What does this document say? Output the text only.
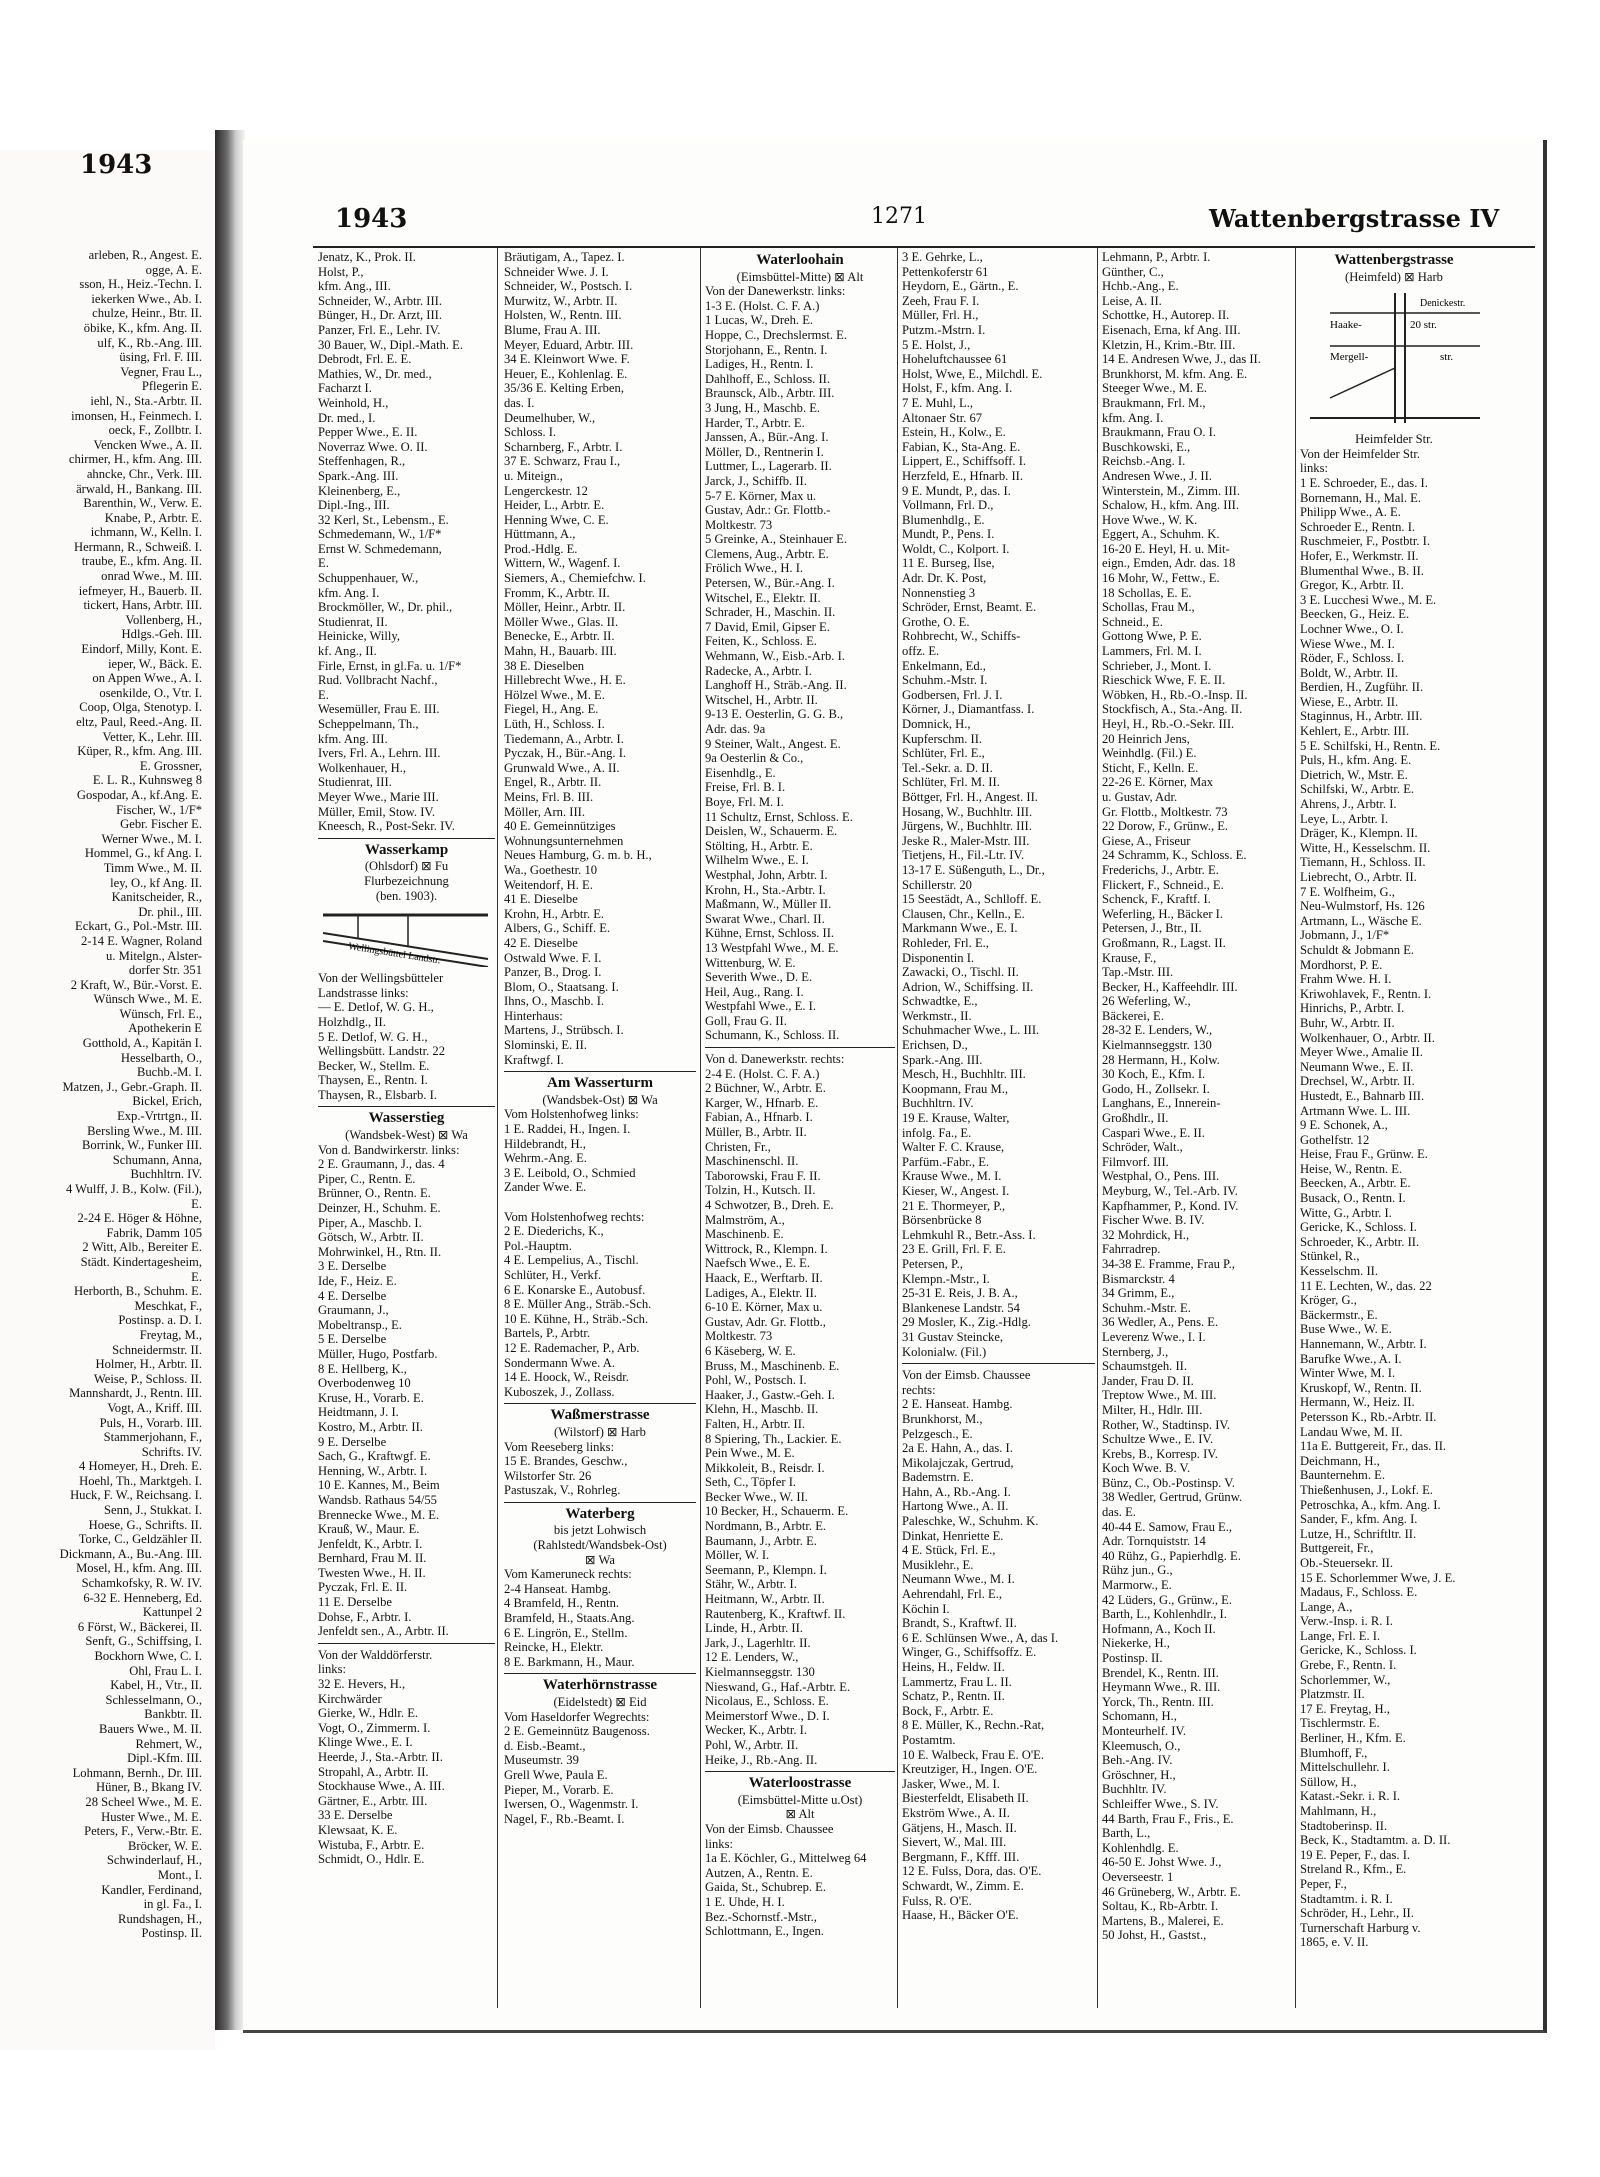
1943
arleben, R., Angest. E.
ogge, A. E.
sson, H., Heiz.-Techn. I.
iekerken Wwe., Ab. I.
chulze, Heinr., Btr. II.
öbike, K., kfm. Ang. II.
ulf, K., Rb.-Ang. III.
üsing, Frl. F. III.
Vegner, Frau L.,
Pflegerin E.
iehl, N., Sta.-Arbtr. II.
imonsen, H., Feinmech. I.
oeck, F., Zollbtr. I.
Vencken Wwe., A. II.
chirmer, H., kfm. Ang. III.
ahncke, Chr., Verk. III.
ärwald, H., Bankang. III.
Barenthin, W., Verw. E.
Knabe, P., Arbtr. E.
ichmann, W., Kelln. I.
Hermann, R., Schweiß. I.
traube, E., kfm. Ang. II.
onrad Wwe., M. III.
iefmeyer, H., Bauerb. II.
tickert, Hans, Arbtr. III.
Vollenberg, H.,
Hdlgs.-Geh. III.
Eindorf, Milly, Kont. E.
ieper, W., Bäck. E.
on Appen Wwe., A. I.
osenkilde, O., Vtr. I.
Coop, Olga, Stenotyp. I.
eltz, Paul, Reed.-Ang. II.
Vetter, K., Lehr. III.
Küper, R., kfm. Ang. III.
E. Grossner,
E. L. R., Kuhnsweg 8
Gospodar, A., kf.Ang. E.
Fischer, W., 1/F*
Gebr. Fischer E.
Werner Wwe., M. I.
Hommel, G., kf Ang. I.
Timm Wwe., M. II.
ley, O., kf Ang. II.
Kanitscheider, R.,
Dr. phil., III.
Eckart, G., Pol.-Mstr. III.
2-14 E. Wagner, Roland
u. Mitelgn., Alster-
dorfer Str. 351
2 Kraft, W., Bür.-Vorst. E.
Wünsch Wwe., M. E.
Wünsch, Frl. E.,
Apothekerin E
Gotthold, A., Kapitän I.
Hesselbarth, O.,
Buchb.-M. I.
Matzen, J., Gebr.-Graph. II.
Bickel, Erich,
Exp.-Vrtrtgn., II.
Bersling Wwe., M. III.
Borrink, W., Funker III.
Schumann, Anna,
Buchhltrn. IV.
4 Wulff, J. B., Kolw. (Fil.),
E.
2-24 E. Höger & Höhne,
Fabrik, Damm 105
2 Witt, Alb., Bereiter E.
Städt. Kindertagesheim,
E.
Herborth, B., Schuhm. E.
Meschkat, F.,
Postinsp. a. D. I.
Freytag, M.,
Schneidermstr. II.
Holmer, H., Arbtr. II.
Weise, P., Schloss. II.
Mannshardt, J., Rentn. III.
Vogt, A., Kriff. III.
Puls, H., Vorarb. III.
Stammerjohann, F.,
Schrifts. IV.
4 Homeyer, H., Dreh. E.
Hoehl, Th., Marktgeh. I.
Huck, F. W., Reichsang. I.
Senn, J., Stukkat. I.
Hoese, G., Schrifts. II.
Torke, C., Geldzähler II.
Dickmann, A., Bu.-Ang. III.
Mosel, H., kfm. Ang. III.
Schamkofsky, R. W. IV.
6-32 E. Henneberg, Ed.
Kattunpel 2
6 Först, W., Bäckerei, II.
Senft, G., Schiffsing, I.
Bockhorn Wwe, C. I.
Ohl, Frau L. I.
Kabel, H., Vtr., II.
Schlesselmann, O.,
Bankbtr. II.
Bauers Wwe., M. II.
Rehmert, W.,
Dipl.-Kfm. III.
Lohmann, Bernh., Dr. III.
Hüner, B., Bkang IV.
28 Scheel Wwe., M. E.
Huster Wwe., M. E.
Peters, F., Verw.-Btr. E.
Bröcker, W. E.
Schwinderlauf, H.,
Mont., I.
Kandler, Ferdinand,
in gl. Fa., I.
Rundshagen, H.,
Postinsp. II.
1943	1271	Wattenbergstrasse IV
Jenatz, K., Prok. II.
Holst, P.,
kfm. Ang., III.
Schneider, W., Arbtr. III.
Bünger, H., Dr. Arzt, III.
Panzer, Frl. E., Lehr. IV.
30 Bauer, W., Dipl.-Math. E.
Debrodt, Frl. E. E.
Mathies, W., Dr. med.,
Facharzt I.
Weinhold, H.,
Dr. med., I.
Pepper Wwe., E. II.
Noverraz Wwe. O. II.
Steffenhagen, R.,
Spark.-Ang. III.
Kleinenberg, E.,
Dipl.-Ing., III.
32 Kerl, St., Lebensm., E.
Schmedemann, W., 1/F*
Ernst W. Schmedemann,
E.
Schuppenhauer, W.,
kfm. Ang. I.
Brockmöller, W., Dr. phil.,
Studienrat, II.
Heinicke, Willy,
kf. Ang., II.
Firle, Ernst, in gl.Fa. u. 1/F*
Rud. Vollbracht Nachf.,
E.
Wesemüller, Frau E. III.
Scheppelmann, Th.,
kfm. Ang. III.
Ivers, Frl. A., Lehrn. III.
Wolkenhauer, H.,
Studienrat, III.
Meyer Wwe., Marie III.
Müller, Emil, Stow. IV.
Kneesch, R., Post-Sekr. IV.
Wasserkamp
(Ohlsdorf) ⊠ Fu
Flurbezeichnung
(ben. 1903).
Wellingsbüttel Landstr.
Von der Wellingsbütteler
Landstrasse links:
— E. Detlof, W. G. H.,
Holzhdlg., II.
5 E. Detlof, W. G. H.,
Wellingsbütt. Landstr. 22
Becker, W., Stellm. E.
Thaysen, E., Rentn. I.
Thaysen, R., Elsbarb. I.
Wasserstieg
(Wandsbek-West) ⊠ Wa
Von d. Bandwirkerstr. links:
2 E. Graumann, J., das. 4
Piper, C., Rentn. E.
Brünner, O., Rentn. E.
Deinzer, H., Schuhm. E.
Piper, A., Maschb. I.
Götsch, W., Arbtr. II.
Mohrwinkel, H., Rtn. II.
3 E. Derselbe
Ide, F., Heiz. E.
4 E. Derselbe
Graumann, J.,
Mobeltransp., E.
5 E. Derselbe
Müller, Hugo, Postfarb.
8 E. Hellberg, K.,
Overbodenweg 10
Kruse, H., Vorarb. E.
Heidtmann, J. I.
Kostro, M., Arbtr. II.
9 E. Derselbe
Sach, G., Kraftwgf. E.
Henning, W., Arbtr. I.
10 E. Kannes, M., Beim
Wandsb. Rathaus 54/55
Brennecke Wwe., M. E.
Krauß, W., Maur. E.
Jenfeldt, K., Arbtr. I.
Bernhard, Frau M. II.
Twesten Wwe., H. II.
Pyczak, Frl. E. II.
11 E. Derselbe
Dohse, F., Arbtr. I.
Jenfeldt sen., A., Arbtr. II.
Von der Walddörferstr.
links:
32 E. Hevers, H.,
Kirchwärder
Gierke, W., Hdlr. E.
Vogt, O., Zimmerm. I.
Klinge Wwe., E. I.
Heerde, J., Sta.-Arbtr. II.
Stropahl, A., Arbtr. II.
Stockhause Wwe., A. III.
Gärtner, E., Arbtr. III.
33 E. Derselbe
Klewsaat, K. E.
Wistuba, F., Arbtr. E.
Schmidt, O., Hdlr. E.
Bräutigam, A., Tapez. I.
Schneider Wwe. J. I.
Schneider, W., Postsch. I.
Murwitz, W., Arbtr. II.
Holsten, W., Rentn. III.
Blume, Frau A. III.
Meyer, Eduard, Arbtr. III.
34 E. Kleinwort Wwe. F.
Heuer, E., Kohlenlag. E.
35/36 E. Kelting Erben,
das. I.
Deumelhuber, W.,
Schloss. I.
Scharnberg, F., Arbtr. I.
37 E. Schwarz, Frau I.,
u. Miteign.,
Lengerckestr. 12
Heider, L., Arbtr. E.
Henning Wwe, C. E.
Hüttmann, A.,
Prod.-Hdlg. E.
Wittern, W., Wagenf. I.
Siemers, A., Chemiefchw. I.
Fromm, K., Arbtr. II.
Möller, Heinr., Arbtr. II.
Möller Wwe., Glas. II.
Benecke, E., Arbtr. II.
Mahn, H., Bauarb. III.
38 E. Dieselben
Hillebrecht Wwe., H. E.
Hölzel Wwe., M. E.
Fiegel, H., Ang. E.
Lüth, H., Schloss. I.
Tiedemann, A., Arbtr. I.
Pyczak, H., Bür.-Ang. I.
Grunwald Wwe., A. II.
Engel, R., Arbtr. II.
Meins, Frl. B. III.
Möller, Arn. III.
40 E. Gemeinnütziges
Wohnungsunternehmen
Neues Hamburg, G. m. b. H.,
Wa., Goethestr. 10
Weitendorf, H. E.
41 E. Dieselbe
Krohn, H., Arbtr. E.
Albers, G., Schiff. E.
42 E. Dieselbe
Ostwald Wwe. F. I.
Panzer, B., Drog. I.
Blom, O., Staatsang. I.
Ihns, O., Maschb. I.
Hinterhaus:
Martens, J., Strübsch. I.
Slominski, E. II.
Kraftwgf. I.
Am Wasserturm
(Wandsbek-Ost) ⊠ Wa
Vom Holstenhofweg links:
1 E. Raddei, H., Ingen. I.
Hildebrandt, H.,
Wehrm.-Ang. E.
3 E. Leibold, O., Schmied
Zander Wwe. E.

Vom Holstenhofweg rechts:
2 E. Diederichs, K.,
Pol.-Hauptm.
4 E. Lempelius, A., Tischl.
Schlüter, H., Verkf.
6 E. Konarske E., Autobusf.
8 E. Müller Ang., Sträb.-Sch.
10 E. Kühne, H., Sträb.-Sch.
Bartels, P., Arbtr.
12 E. Rademacher, P., Arb.
Sondermann Wwe. A.
14 E. Hoock, W., Reisdr.
Kuboszek, J., Zollass.
Waßmerstrasse
(Wilstorf) ⊠ Harb
Vom Reeseberg links:
15 E. Brandes, Geschw.,
Wilstorfer Str. 26
Pastuszak, V., Rohrleg.
Waterberg
bis jetzt Lohwisch
(Rahlstedt/Wandsbek-Ost)
⊠ Wa
Vom Kameruneck rechts:
2-4 Hanseat. Hambg.
4 Bramfeld, H., Rentn.
Bramfeld, H., Staats.Ang.
6 E. Lingrön, E., Stellm.
Reincke, H., Elektr.
8 E. Barkmann, H., Maur.
Waterhörnstrasse
(Eidelstedt) ⊠ Eid
Vom Haseldorfer Wegrechts:
2 E. Gemeinnütz Baugenoss.
d. Eisb.-Beamt.,
Museumstr. 39
Grell Wwe, Paula E.
Pieper, M., Vorarb. E.
Iwersen, O., Wagenmstr. I.
Nagel, F., Rb.-Beamt. I.
Waterloohain
(Eimsbüttel-Mitte) ⊠ Alt
Von der Danewerkstr. links:
1-3 E. (Holst. C. F. A.)
1 Lucas, W., Dreh. E.
Hoppe, C., Drechslermst. E.
Storjohann, E., Rentn. I.
Ladiges, H., Rentn. I.
Dahlhoff, E., Schloss. II.
Braunsck, Alb., Arbtr. III.
3 Jung, H., Maschb. E.
Harder, T., Arbtr. E.
Janssen, A., Bür.-Ang. I.
Möller, D., Rentnerin I.
Luttmer, L., Lagerarb. II.
Jarck, J., Schiffb. II.
5-7 E. Körner, Max u.
Gustav, Adr.: Gr. Flottb.-
Moltkestr. 73
5 Greinke, A., Steinhauer E.
Clemens, Aug., Arbtr. E.
Frölich Wwe., H. I.
Petersen, W., Bür.-Ang. I.
Witschel, E., Elektr. II.
Schrader, H., Maschin. II.
7 David, Emil, Gipser E.
Feiten, K., Schloss. E.
Wehmann, W., Eisb.-Arb. I.
Radecke, A., Arbtr. I.
Langhoff H., Sträb.-Ang. II.
Witschel, H., Arbtr. II.
9-13 E. Oesterlin, G. G. B.,
Adr. das. 9a
9 Steiner, Walt., Angest. E.
9a Oesterlin & Co.,
Eisenhdlg., E.
Freise, Frl. B. I.
Boye, Frl. M. I.
11 Schultz, Ernst, Schloss. E.
Deislen, W., Schauerm. E.
Stölting, H., Arbtr. E.
Wilhelm Wwe., E. I.
Westphal, John, Arbtr. I.
Krohn, H., Sta.-Arbtr. I.
Maßmann, W., Müller II.
Swarat Wwe., Charl. II.
Kühne, Ernst, Schloss. II.
13 Westpfahl Wwe., M. E.
Wittenburg, W. E.
Severith Wwe., D. E.
Heil, Aug., Rang. I.
Westpfahl Wwe., E. I.
Goll, Frau G. II.
Schumann, K., Schloss. II.
Von d. Danewerkstr. rechts:
2-4 E. (Holst. C. F. A.)
2 Büchner, W., Arbtr. E.
Karger, W., Hfnarb. E.
Fabian, A., Hfnarb. I.
Müller, B., Arbtr. II.
Christen, Fr.,
Maschinenschl. II.
Taborowski, Frau F. II.
Tolzin, H., Kutsch. II.
4 Schwotzer, B., Dreh. E.
Malmström, A.,
Maschinenb. E.
Wittrock, R., Klempn. I.
Naefsch Wwe., E. E.
Haack, E., Werftarb. II.
Ladiges, A., Elektr. II.
6-10 E. Körner, Max u.
Gustav, Adr. Gr. Flottb.,
Moltkestr. 73
6 Käseberg, W. E.
Bruss, M., Maschinenb. E.
Pohl, W., Postsch. I.
Haaker, J., Gastw.-Geh. I.
Klehn, H., Maschb. II.
Falten, H., Arbtr. II.
8 Spiering, Th., Lackier. E.
Pein Wwe., M. E.
Mikkoleit, B., Reisdr. I.
Seth, C., Töpfer I.
Becker Wwe., W. II.
10 Becker, H., Schauerm. E.
Nordmann, B., Arbtr. E.
Baumann, J., Arbtr. E.
Möller, W. I.
Seemann, P., Klempn. I.
Stähr, W., Arbtr. I.
Heitmann, W., Arbtr. II.
Rautenberg, K., Kraftwf. II.
Linde, H., Arbtr. II.
Jark, J., Lagerhltr. II.
12 E. Lenders, W.,
Kielmannseggstr. 130
Nieswand, G., Haf.-Arbtr. E.
Nicolaus, E., Schloss. E.
Meimerstorf Wwe., D. I.
Wecker, K., Arbtr. I.
Pohl, W., Arbtr. II.
Heike, J., Rb.-Ang. II.
Waterloostrasse
(Eimsbüttel-Mitte u.Ost)
⊠ Alt
Von der Eimsb. Chaussee
links:
1a E. Köchler, G., Mittelweg 64
Autzen, A., Rentn. E.
Gaida, St., Schubrep. E.
1 E. Uhde, H. I.
Bez.-Schornstf.-Mstr.,
Schlottmann, E., Ingen.
3 E. Gehrke, L.,
Pettenkoferstr 61
Heydorn, E., Gärtn., E.
Zeeh, Frau F. I.
Müller, Frl. H.,
Putzm.-Mstrn. I.
5 E. Holst, J.,
Hoheluftchaussee 61
Holst, Wwe, E., Milchdl. E.
Holst, F., kfm. Ang. I.
7 E. Muhl, L.,
Altonaer Str. 67
Estein, H., Kolw., E.
Fabian, K., Sta-Ang. E.
Lippert, E., Schiffsoff. I.
Herzfeld, E., Hfnarb. II.
9 E. Mundt, P., das. I.
Vollmann, Frl. D.,
Blumenhdlg., E.
Mundt, P., Pens. I.
Woldt, C., Kolport. I.
11 E. Burseg, Ilse,
Adr. Dr. K. Post,
Nonnenstieg 3
Schröder, Ernst, Beamt. E.
Grothe, O. E.
Rohbrecht, W., Schiffs-
offz. E.
Enkelmann, Ed.,
Schuhm.-Mstr. I.
Godbersen, Frl. J. I.
Körner, J., Diamantfass. I.
Domnick, H.,
Kupferschm. II.
Schlüter, Frl. E.,
Tel.-Sekr. a. D. II.
Schlüter, Frl. M. II.
Böttger, Frl. H., Angest. II.
Hosang, W., Buchhltr. III.
Jürgens, W., Buchhltr. III.
Jeske R., Maler-Mstr. III.
Tietjens, H., Fil.-Ltr. IV.
13-17 E. Süßenguth, L., Dr.,
Schillerstr. 20
15 Seestädt, A., Schlloff. E.
Clausen, Chr., Kelln., E.
Markmann Wwe., E. I.
Rohleder, Frl. E.,
Disponentin I.
Zawacki, O., Tischl. II.
Adrion, W., Schiffsing. II.
Schwadtke, E.,
Werkmstr., II.
Schuhmacher Wwe., L. III.
Erichsen, D.,
Spark.-Ang. III.
Mesch, H., Buchhltr. III.
Koopmann, Frau M.,
Buchhltrn. IV.
19 E. Krause, Walter,
infolg. Fa., E.
Walter F. C. Krause,
Parfüm.-Fabr., E.
Krause Wwe., M. I.
Kieser, W., Angest. I.
21 E. Thormeyer, P.,
Börsenbrücke 8
Lehmkuhl R., Betr.-Ass. I.
23 E. Grill, Frl. F. E.
Petersen, P.,
Klempn.-Mstr., I.
25-31 E. Reis, J. B. A.,
Blankenese Landstr. 54
29 Mosler, K., Zig.-Hdlg.
31 Gustav Steincke,
Kolonialw. (Fil.)
Von der Eimsb. Chaussee
rechts:
2 E. Hanseat. Hambg.
Brunkhorst, M.,
Pelzgesch., E.
2a E. Hahn, A., das. I.
Mikolajczak, Gertrud,
Bademstrn. E.
Hahn, A., Rb.-Ang. I.
Hartong Wwe., A. II.
Paleschke, W., Schuhm. K.
Dinkat, Henriette E.
4 E. Stück, Frl. E.,
Musiklehr., E.
Neumann Wwe., M. I.
Aehrendahl, Frl. E.,
Köchin I.
Brandt, S., Kraftwf. II.
6 E. Schlünsen Wwe., A, das I.
Winger, G., Schiffsoffz. E.
Heins, H., Feldw. II.
Lammertz, Frau L. II.
Schatz, P., Rentn. II.
Bock, F., Arbtr. E.
8 E. Müller, K., Rechn.-Rat,
Postamtm.
10 E. Walbeck, Frau E. O'E.
Kreutziger, H., Ingen. O'E.
Jasker, Wwe., M. I.
Biesterfeldt, Elisabeth II.
Ekström Wwe., A. II.
Gätjens, H., Masch. II.
Sievert, W., Mal. III.
Bergmann, F., Kfff. III.
12 E. Fulss, Dora, das. O'E.
Schwardt, W., Zimm. E.
Fulss, R. O'E.
Haase, H., Bäcker O'E.
Lehmann, P., Arbtr. I.
Günther, C.,
Hchb.-Ang., E.
Leise, A. II.
Schottke, H., Autorep. II.
Eisenach, Erna, kf Ang. III.
Kletzin, H., Krim.-Btr. III.
14 E. Andresen Wwe, J., das II.
Brunkhorst, M. kfm. Ang. E.
Steeger Wwe., M. E.
Braukmann, Frl. M.,
kfm. Ang. I.
Braukmann, Frau O. I.
Buschkowski, E.,
Reichsb.-Ang. I.
Andresen Wwe., J. II.
Winterstein, M., Zimm. III.
Schalow, H., kfm. Ang. III.
Hove Wwe., W. K.
Eggert, A., Schuhm. K.
16-20 E. Heyl, H. u. Mit-
eign., Emden, Adr. das. 18
16 Mohr, W., Fettw., E.
18 Schollas, E. E.
Schollas, Frau M.,
Schneid., E.
Gottong Wwe, P. E.
Lammers, Frl. M. I.
Schrieber, J., Mont. I.
Rieschick Wwe, F. E. II.
Wöbken, H., Rb.-O.-Insp. II.
Stockfisch, A., Sta.-Ang. II.
Heyl, H., Rb.-O.-Sekr. III.
20 Heinrich Jens,
Weinhdlg. (Fil.) E.
Sticht, F., Kelln. E.
22-26 E. Körner, Max
u. Gustav, Adr.
Gr. Flottb., Moltkestr. 73
22 Dorow, F., Grünw., E.
Giese, A., Friseur
24 Schramm, K., Schloss. E.
Frederichs, J., Arbtr. E.
Flickert, F., Schneid., E.
Schenck, F., Kraftf. I.
Weferling, H., Bäcker I.
Petersen, J., Btr., II.
Großmann, R., Lagst. II.
Krause, F.,
Tap.-Mstr. III.
Becker, H., Kaffeehdlr. III.
26 Weferling, W.,
Bäckerei, E.
28-32 E. Lenders, W.,
Kielmannseggstr. 130
28 Hermann, H., Kolw.
30 Koch, E., Kfm. I.
Godo, H., Zollsekr. I.
Langhans, E., Innerein-
Großhdlr., II.
Caspari Wwe., E. II.
Schröder, Walt.,
Filmvorf. III.
Westphal, O., Pens. III.
Meyburg, W., Tel.-Arb. IV.
Kapfhammer, P., Kond. IV.
Fischer Wwe. B. IV.
32 Mohrdick, H.,
Fahrradrep.
34-38 E. Framme, Frau P.,
Bismarckstr. 4
34 Grimm, E.,
Schuhm.-Mstr. E.
36 Wedler, A., Pens. E.
Leverenz Wwe., I. I.
Sternberg, J.,
Schaumstgeh. II.
Jander, Frau D. II.
Treptow Wwe., M. III.
Milter, H., Hdlr. III.
Rother, W., Stadtinsp. IV.
Schultze Wwe., E. IV.
Krebs, B., Korresp. IV.
Koch Wwe. B. V.
Bünz, C., Ob.-Postinsp. V.
38 Wedler, Gertrud, Grünw.
das. E.
40-44 E. Samow, Frau E.,
Adr. Tornquiststr. 14
40 Rühz, G., Papierhdlg. E.
Rühz jun., G.,
Marmorw., E.
42 Lüders, G., Grünw., E.
Barth, L., Kohlenhdlr., I.
Hofmann, A., Koch II.
Niekerke, H.,
Postinsp. II.
Brendel, K., Rentn. III.
Heymann Wwe., R. III.
Yorck, Th., Rentn. III.
Schomann, H.,
Monteurhelf. IV.
Kleemusch, O.,
Beh.-Ang. IV.
Gröschner, H.,
Buchhltr. IV.
Schleiffer Wwe., S. IV.
44 Barth, Frau F., Fris., E.
Barth, L.,
Kohlenhdlg. E.
46-50 E. Johst Wwe. J.,
Oeverseestr. 1
46 Grüneberg, W., Arbtr. E.
Soltau, K., Rb-Arbtr. I.
Martens, B., Malerei, E.
50 Johst, H., Gastst.,
Wattenbergstrasse
(Heimfeld) ⊠ Harb
Denickestr.
Haake-	20 str.
Mergell-	str.
Heimfelder Str.
Von der Heimfelder Str.
links:
1 E. Schroeder, E., das. I.
Bornemann, H., Mal. E.
Philipp Wwe., A. E.
Schroeder E., Rentn. I.
Ruschmeier, F., Postbtr. I.
Hofer, E., Werkmstr. II.
Blumenthal Wwe., B. II.
Gregor, K., Arbtr. II.
3 E. Lucchesi Wwe., M. E.
Beecken, G., Heiz. E.
Lochner Wwe., O. I.
Wiese Wwe., M. I.
Röder, F., Schloss. I.
Boldt, W., Arbtr. II.
Berdien, H., Zugführ. II.
Wiese, E., Arbtr. II.
Staginnus, H., Arbtr. III.
Kehlert, E., Arbtr. III.
5 E. Schilfski, H., Rentn. E.
Puls, H., kfm. Ang. E.
Dietrich, W., Mstr. E.
Schilfski, W., Arbtr. E.
Ahrens, J., Arbtr. I.
Leye, L., Arbtr. I.
Dräger, K., Klempn. II.
Witte, H., Kesselschm. II.
Tiemann, H., Schloss. II.
Liebrecht, O., Arbtr. II.
7 E. Wolfheim, G.,
Neu-Wulmstorf, Hs. 126
Artmann, L., Wäsche E.
Jobmann, J., 1/F*
Schuldt & Jobmann E.
Mordhorst, P. E.
Frahm Wwe. H. I.
Kriwohlavek, F., Rentn. I.
Hinrichs, P., Arbtr. I.
Buhr, W., Arbtr. II.
Wolkenhauer, O., Arbtr. II.
Meyer Wwe., Amalie II.
Neumann Wwe., E. II.
Drechsel, W., Arbtr. II.
Hustedt, E., Bahnarb III.
Artmann Wwe. L. III.
9 E. Schonek, A.,
Gothelfstr. 12
Heise, Frau F., Grünw. E.
Heise, W., Rentn. E.
Beecken, A., Arbtr. E.
Busack, O., Rentn. I.
Witte, G., Arbtr. I.
Gericke, K., Schloss. I.
Schroeder, K., Arbtr. II.
Stünkel, R.,
Kesselschm. II.
11 E. Lechten, W., das. 22
Kröger, G.,
Bäckermstr., E.
Buse Wwe., W. E.
Hannemann, W., Arbtr. I.
Barufke Wwe., A. I.
Winter Wwe, M. I.
Kruskopf, W., Rentn. II.
Hermann, W., Heiz. II.
Petersson K., Rb.-Arbtr. II.
Landau Wwe, M. II.
11a E. Buttgereit, Fr., das. II.
Deichmann, H.,
Baunternehm. E.
Thießenhusen, J., Lokf. E.
Petroschka, A., kfm. Ang. I.
Sander, F., kfm. Ang. I.
Lutze, H., Schriftltr. II.
Buttgereit, Fr.,
Ob.-Steuersekr. II.
15 E. Schorlemmer Wwe, J. E.
Madaus, F., Schloss. E.
Lange, A.,
Verw.-Insp. i. R. I.
Lange, Frl. E. I.
Gericke, K., Schloss. I.
Grebe, F., Rentn. I.
Schorlemmer, W.,
Platzmstr. II.
17 E. Freytag, H.,
Tischlermstr. E.
Berliner, H., Kfm. E.
Blumhoff, F.,
Mittelschullehr. I.
Süllow, H.,
Katast.-Sekr. i. R. I.
Mahlmann, H.,
Stadtoberinsp. II.
Beck, K., Stadtamtm. a. D. II.
19 E. Peper, F., das. I.
Streland R., Kfm., E.
Peper, F.,
Stadtamtm. i. R. I.
Schröder, H., Lehr., II.
Turnerschaft Harburg v.
1865, e. V. II.
